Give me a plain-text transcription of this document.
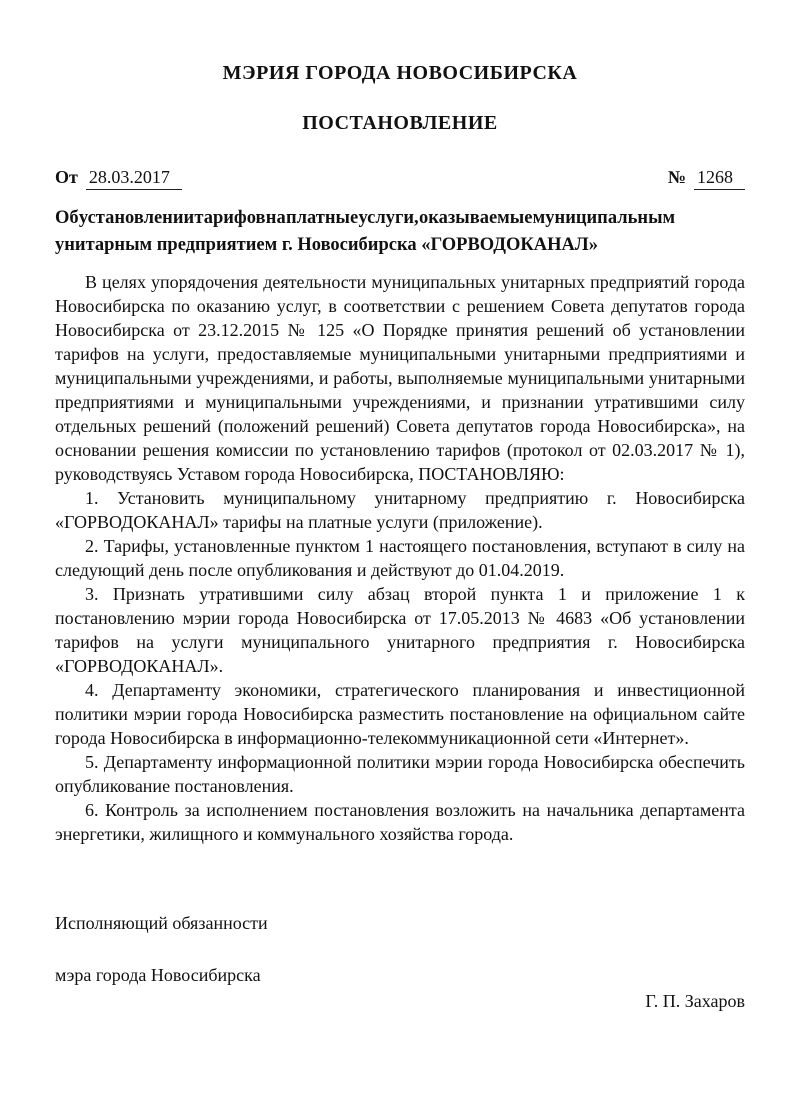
МЭРИЯ ГОРОДА НОВОСИБИРСКА
ПОСТАНОВЛЕНИЕ
От 28.03.2017	№ 1268
Об установлении тарифов на платные услуги, оказываемые муниципальным
унитарным предприятием г. Новосибирска «ГОРВОДОКАНАЛ»

В целях упорядочения деятельности муниципальных унитарных предприятий города Новосибирска по оказанию услуг, в соответствии с решением Совета депутатов города Новосибирска от 23.12.2015 № 125 «О Порядке принятия решений об установлении тарифов на услуги, предоставляемые муниципальными унитарными предприятиями и муниципальными учреждениями, и работы, выполняемые муниципальными унитарными предприятиями и муниципальными учреждениями, и признании утратившими силу отдельных решений (положений решений) Совета депутатов города Новосибирска», на основании решения комиссии по установлению тарифов (протокол от 02.03.2017 № 1), руководствуясь Уставом города Новосибирска, ПОСТАНОВЛЯЮ:

1. Установить муниципальному унитарному предприятию г. Новосибирска «ГОРВОДОКАНАЛ» тарифы на платные услуги (приложение).

2. Тарифы, установленные пунктом 1 настоящего постановления, вступают в силу на следующий день после опубликования и действуют до 01.04.2019.

3. Признать утратившими силу абзац второй пункта 1 и приложение 1 к постановлению мэрии города Новосибирска от 17.05.2013 № 4683 «Об установлении тарифов на услуги муниципального унитарного предприятия г. Новосибирска «ГОРВОДОКАНАЛ».

4. Департаменту экономики, стратегического планирования и инвестиционной политики мэрии города Новосибирска разместить постановление на официальном сайте города Новосибирска в информационно-телекоммуникационной сети «Интернет».

5. Департаменту информационной политики мэрии города Новосибирска обеспечить опубликование постановления.

6. Контроль за исполнением постановления возложить на начальника департамента энергетики, жилищного и коммунального хозяйства города.

Исполняющий обязанности

мэра города Новосибирска

Г. П. Захаров
